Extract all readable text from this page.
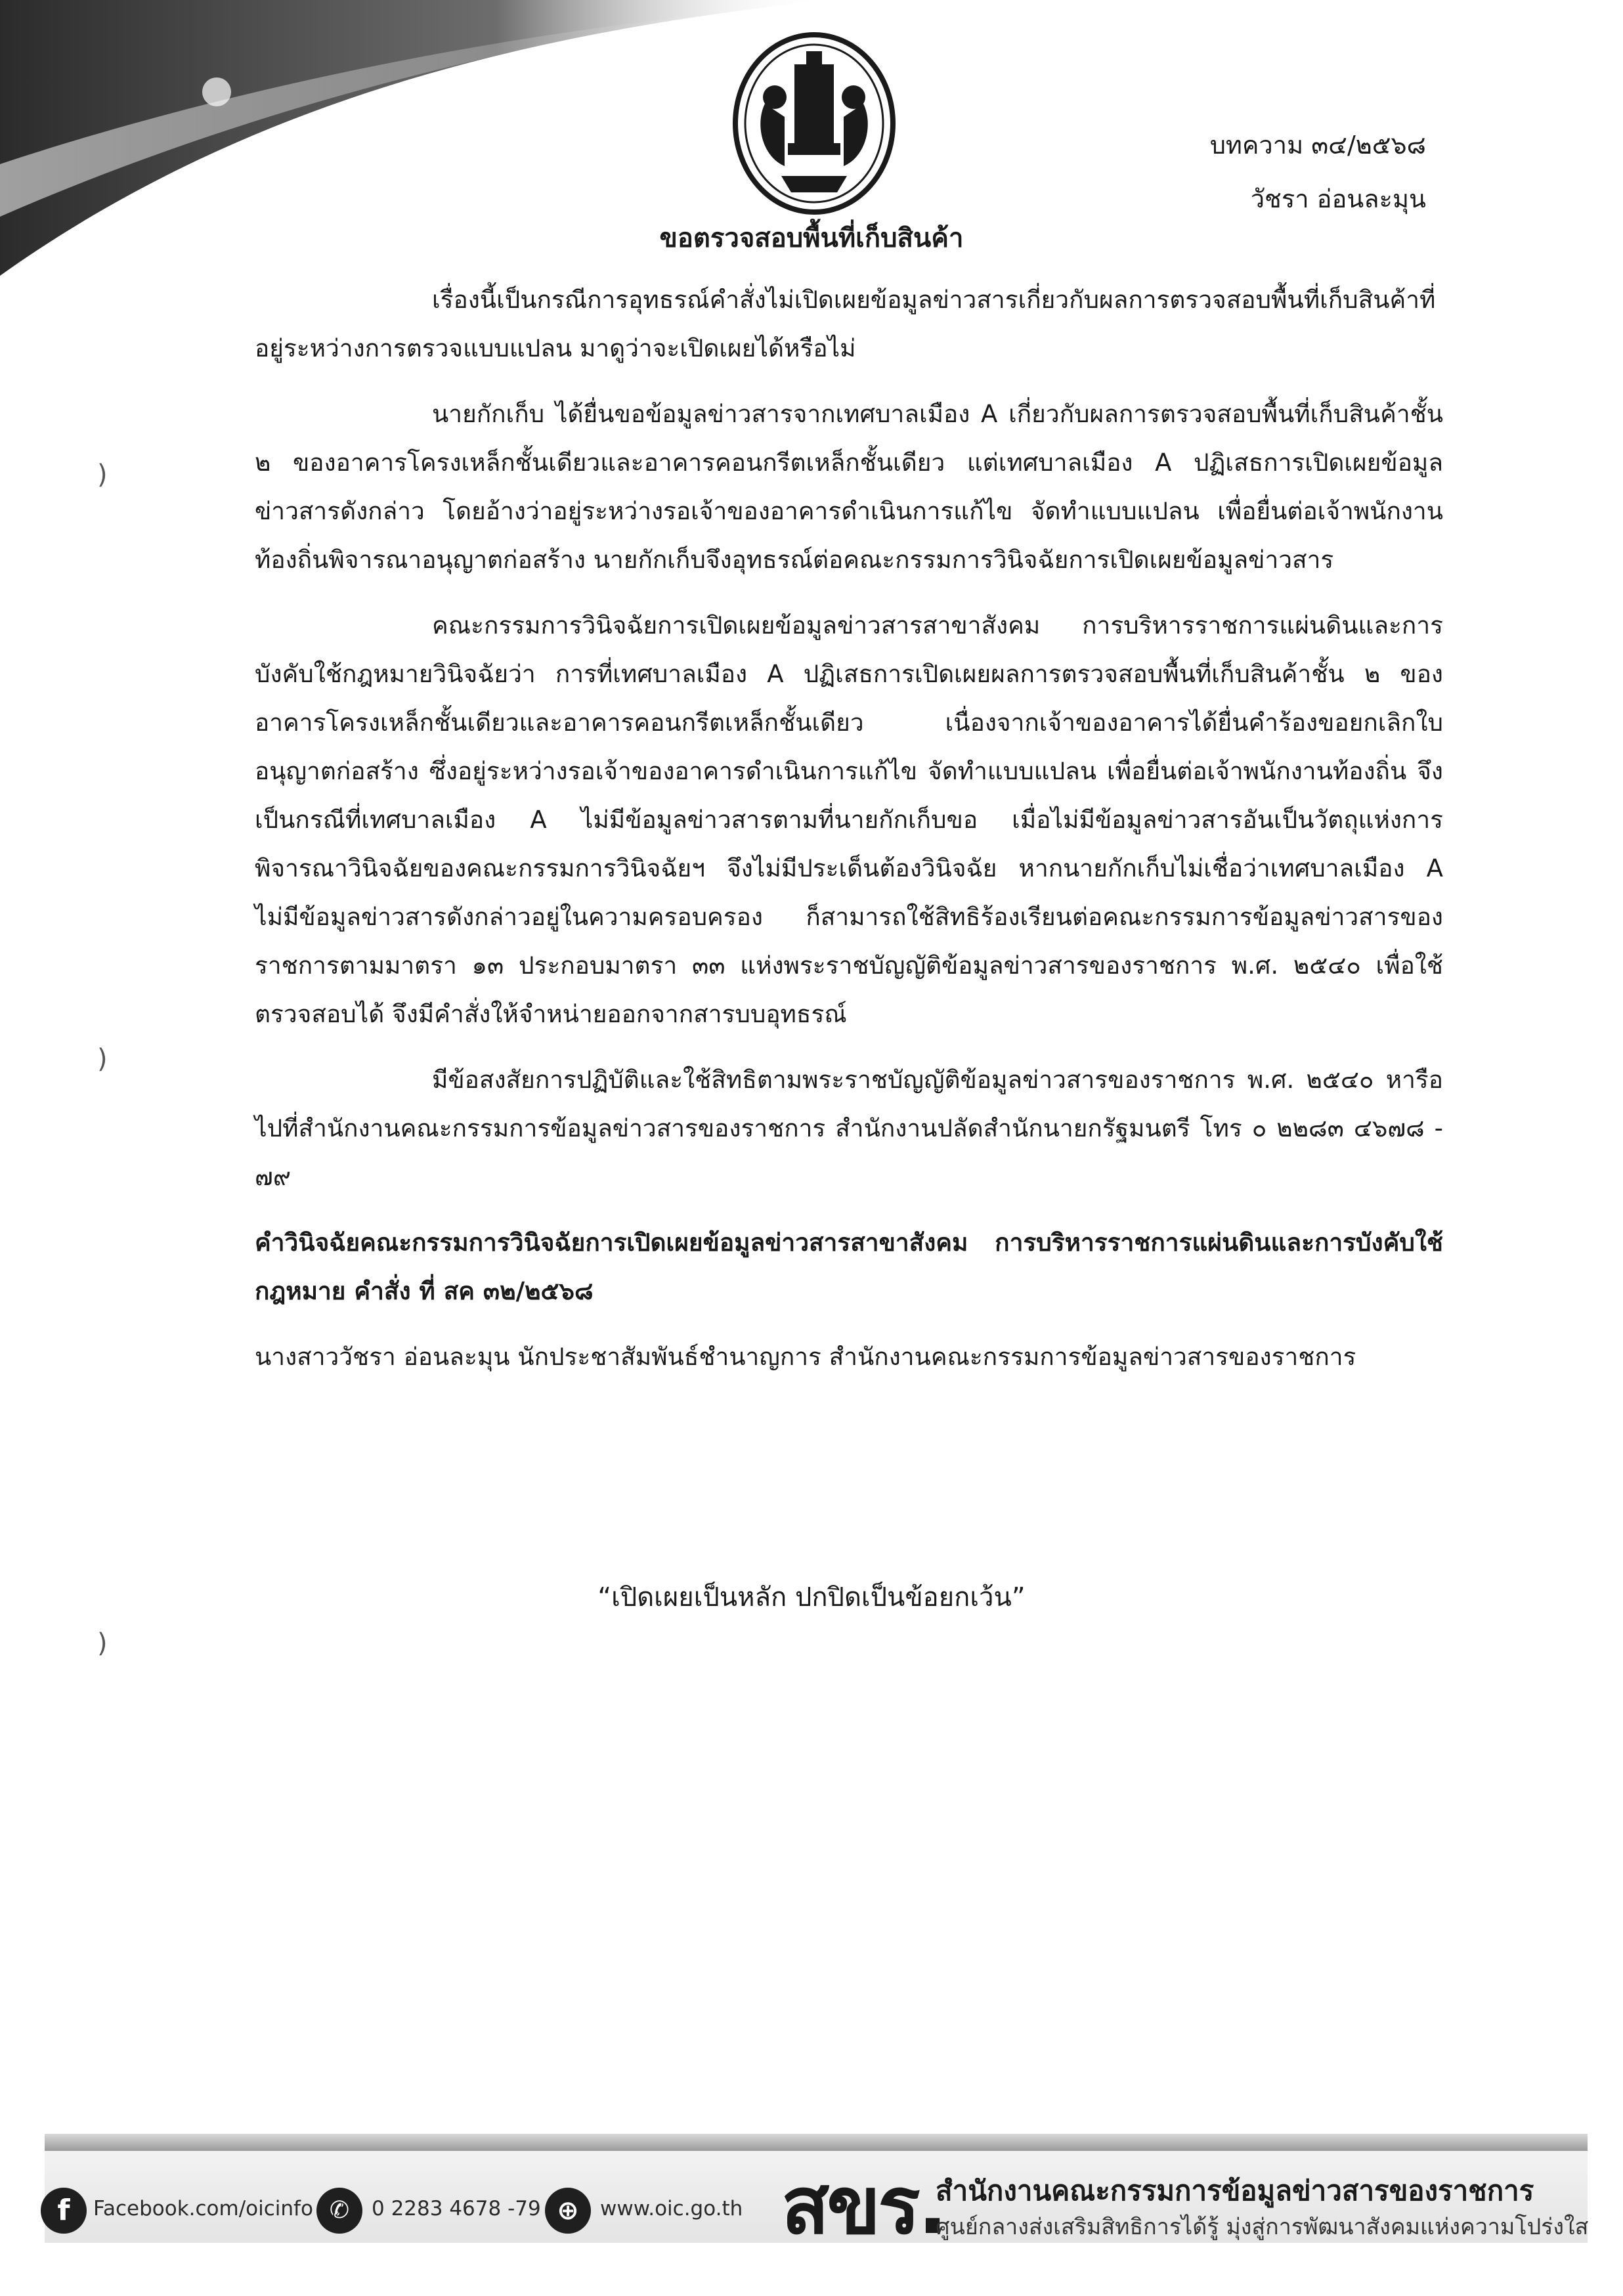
บทความ ๓๔/๒๕๖๘
วัชรา อ่อนละมุน
ขอตรวจสอบพื้นที่เก็บสินค้า

เรื่องนี้เป็นกรณีการอุทธรณ์คำสั่งไม่เปิดเผยข้อมูลข่าวสารเกี่ยวกับผลการตรวจสอบพื้นที่เก็บสินค้าที่อยู่ระหว่างการตรวจแบบแปลน มาดูว่าจะเปิดเผยได้หรือไม่

นายกักเก็บ ได้ยื่นขอข้อมูลข่าวสารจากเทศบาลเมือง A เกี่ยวกับผลการตรวจสอบพื้นที่เก็บสินค้าชั้น ๒ ของอาคารโครงเหล็กชั้นเดียวและอาคารคอนกรีตเหล็กชั้นเดียว แต่เทศบาลเมือง A ปฏิเสธการเปิดเผยข้อมูลข่าวสารดังกล่าว โดยอ้างว่าอยู่ระหว่างรอเจ้าของอาคารดำเนินการแก้ไข จัดทำแบบแปลน เพื่อยื่นต่อเจ้าพนักงานท้องถิ่นพิจารณาอนุญาตก่อสร้าง นายกักเก็บจึงอุทธรณ์ต่อคณะกรรมการวินิจฉัยการเปิดเผยข้อมูลข่าวสาร

คณะกรรมการวินิจฉัยการเปิดเผยข้อมูลข่าวสารสาขาสังคม การบริหารราชการแผ่นดินและการบังคับใช้กฎหมายวินิจฉัยว่า การที่เทศบาลเมือง A ปฏิเสธการเปิดเผยผลการตรวจสอบพื้นที่เก็บสินค้าชั้น ๒ ของอาคารโครงเหล็กชั้นเดียวและอาคารคอนกรีตเหล็กชั้นเดียว เนื่องจากเจ้าของอาคารได้ยื่นคำร้องขอยกเลิกใบอนุญาตก่อสร้าง ซึ่งอยู่ระหว่างรอเจ้าของอาคารดำเนินการแก้ไข จัดทำแบบแปลน เพื่อยื่นต่อเจ้าพนักงานท้องถิ่น จึงเป็นกรณีที่เทศบาลเมือง A ไม่มีข้อมูลข่าวสารตามที่นายกักเก็บขอ เมื่อไม่มีข้อมูลข่าวสารอันเป็นวัตถุแห่งการพิจารณาวินิจฉัยของคณะกรรมการวินิจฉัยฯ จึงไม่มีประเด็นต้องวินิจฉัย หากนายกักเก็บไม่เชื่อว่าเทศบาลเมือง A ไม่มีข้อมูลข่าวสารดังกล่าวอยู่ในความครอบครอง ก็สามารถใช้สิทธิร้องเรียนต่อคณะกรรมการข้อมูลข่าวสารของราชการตามมาตรา ๑๓ ประกอบมาตรา ๓๓ แห่งพระราชบัญญัติข้อมูลข่าวสารของราชการ พ.ศ. ๒๕๔๐ เพื่อใช้ตรวจสอบได้ จึงมีคำสั่งให้จำหน่ายออกจากสารบบอุทธรณ์

มีข้อสงสัยการปฏิบัติและใช้สิทธิตามพระราชบัญญัติข้อมูลข่าวสารของราชการ พ.ศ. ๒๕๔๐ หารือไปที่สำนักงานคณะกรรมการข้อมูลข่าวสารของราชการ สำนักงานปลัดสำนักนายกรัฐมนตรี โทร ๐ ๒๒๘๓ ๔๖๗๘ - ๗๙

คำวินิจฉัยคณะกรรมการวินิจฉัยการเปิดเผยข้อมูลข่าวสารสาขาสังคม การบริหารราชการแผ่นดินและการบังคับใช้กฎหมาย คำสั่ง ที่ สค ๓๒/๒๕๖๘

นางสาววัชรา อ่อนละมุน นักประชาสัมพันธ์ชำนาญการ สำนักงานคณะกรรมการข้อมูลข่าวสารของราชการ

“เปิดเผยเป็นหลัก ปกปิดเป็นข้อยกเว้น”
)
)
)
f	Facebook.com/oicinfo ✆	0 2283 4678 -79 ⊕	www.oic.go.th สขร.
สำนักงานคณะกรรมการข้อมูลข่าวสารของราชการ
ศูนย์กลางส่งเสริมสิทธิการได้รู้ มุ่งสู่การพัฒนาสังคมแห่งความโปร่งใส
